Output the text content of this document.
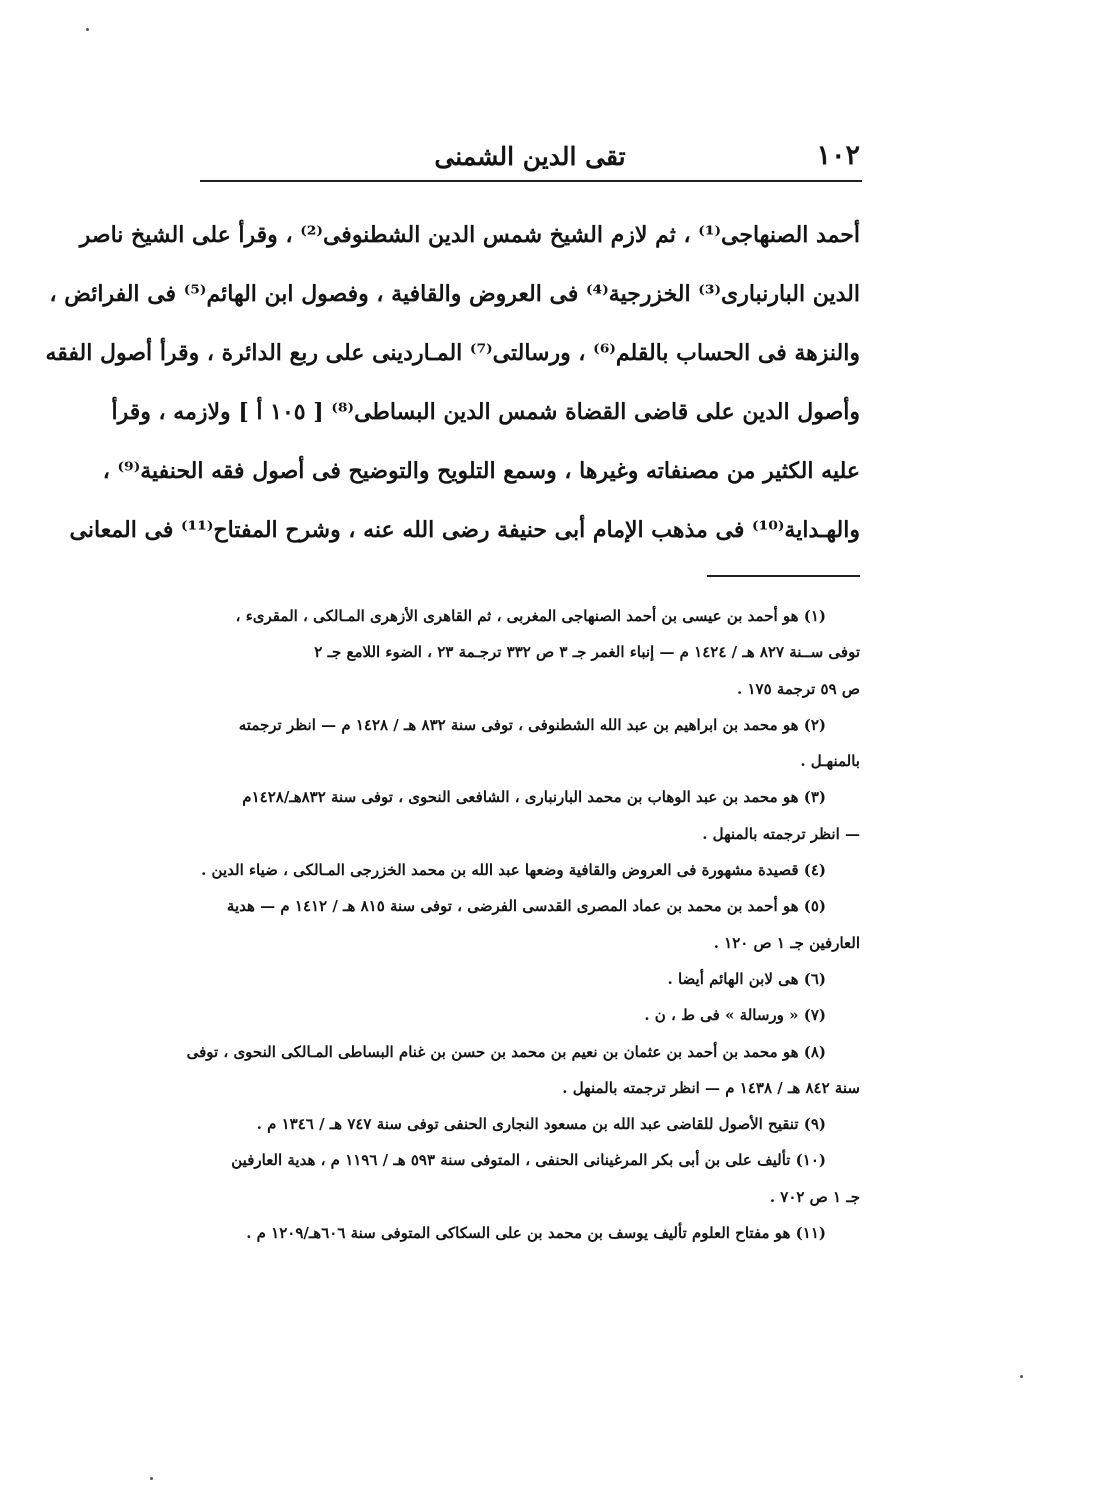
١٠٢
تقى الدين الشمنى
أحمد الصنهاجى⁽¹⁾ ، ثم لازم الشيخ شمس الدين الشطنوفى⁽²⁾ ، وقرأ على الشيخ ناصر
الدين البارنبارى⁽³⁾ الخزرجية⁽⁴⁾ فى العروض والقافية ، وفصول ابن الهائم⁽⁵⁾ فى الفرائض ،
والنزهة فى الحساب بالقلم⁽⁶⁾ ، ورسالتى⁽⁷⁾ المـاردينى على ربع الدائرة ، وقرأ أصول الفقه
وأصول الدين على قاضى القضاة شمس الدين البساطى⁽⁸⁾ [ ١٠٥ أ ] ولازمه ، وقرأ
عليه الكثير من مصنفاته وغيرها ، وسمع التلويح والتوضيح فى أصول فقه الحنفية⁽⁹⁾ ،
والهـداية⁽¹⁰⁾ فى مذهب الإمام أبى حنيفة رضى الله عنه ، وشرح المفتاح⁽¹¹⁾ فى المعانى
(١) هو أحمد بن عيسى بن أحمد الصنهاجى المغربى ، ثم القاهرى الأزهرى المـالكى ، المقرىء ،
توفى ســنة ٨٢٧ هـ / ١٤٢٤ م — إنباء الغمر جـ ٣ ص ٣٣٢ ترجـمة ٢٣ ، الضوء اللامع جـ ٢
ص ٥٩ ترجمة ١٧٥ .
(٢) هو محمد بن ابراهيم بن عبد الله الشطنوفى ، توفى سنة ٨٣٢ هـ / ١٤٢٨ م — انظر ترجمته
بالمنهـل .
(٣) هو محمد بن عبد الوهاب بن محمد البارنبارى ، الشافعى النحوى ، توفى سنة ٨٣٢هـ/١٤٢٨م
— انظر ترجمته بالمنهل .
(٤) قصيدة مشهورة فى العروض والقافية وضعها عبد الله بن محمد الخزرجى المـالكى ، ضياء الدين .
(٥) هو أحمد بن محمد بن عماد المصرى القدسى الفرضى ، توفى سنة ٨١٥ هـ / ١٤١٢ م — هدية
العارفين جـ ١ ص ١٢٠ .
(٦) هى لابن الهائم أيضا .
(٧) « ورسالة » فى ط ، ن .
(٨) هو محمد بن أحمد بن عثمان بن نعيم بن محمد بن حسن بن غنام البساطى المـالكى النحوى ، توفى
سنة ٨٤٢ هـ / ١٤٣٨ م — انظر ترجمته بالمنهل .
(٩) تنقيح الأصول للقاضى عبد الله بن مسعود النجارى الحنفى توفى سنة ٧٤٧ هـ / ١٣٤٦ م .
(١٠) تأليف على بن أبى بكر المرغينانى الحنفى ، المتوفى سنة ٥٩٣ هـ / ١١٩٦ م ، هدية العارفين
جـ ١ ص ٧٠٢ .
(١١) هو مفتاح العلوم تأليف يوسف بن محمد بن على السكاكى المتوفى سنة ٦٠٦هـ/١٢٠٩ م .
